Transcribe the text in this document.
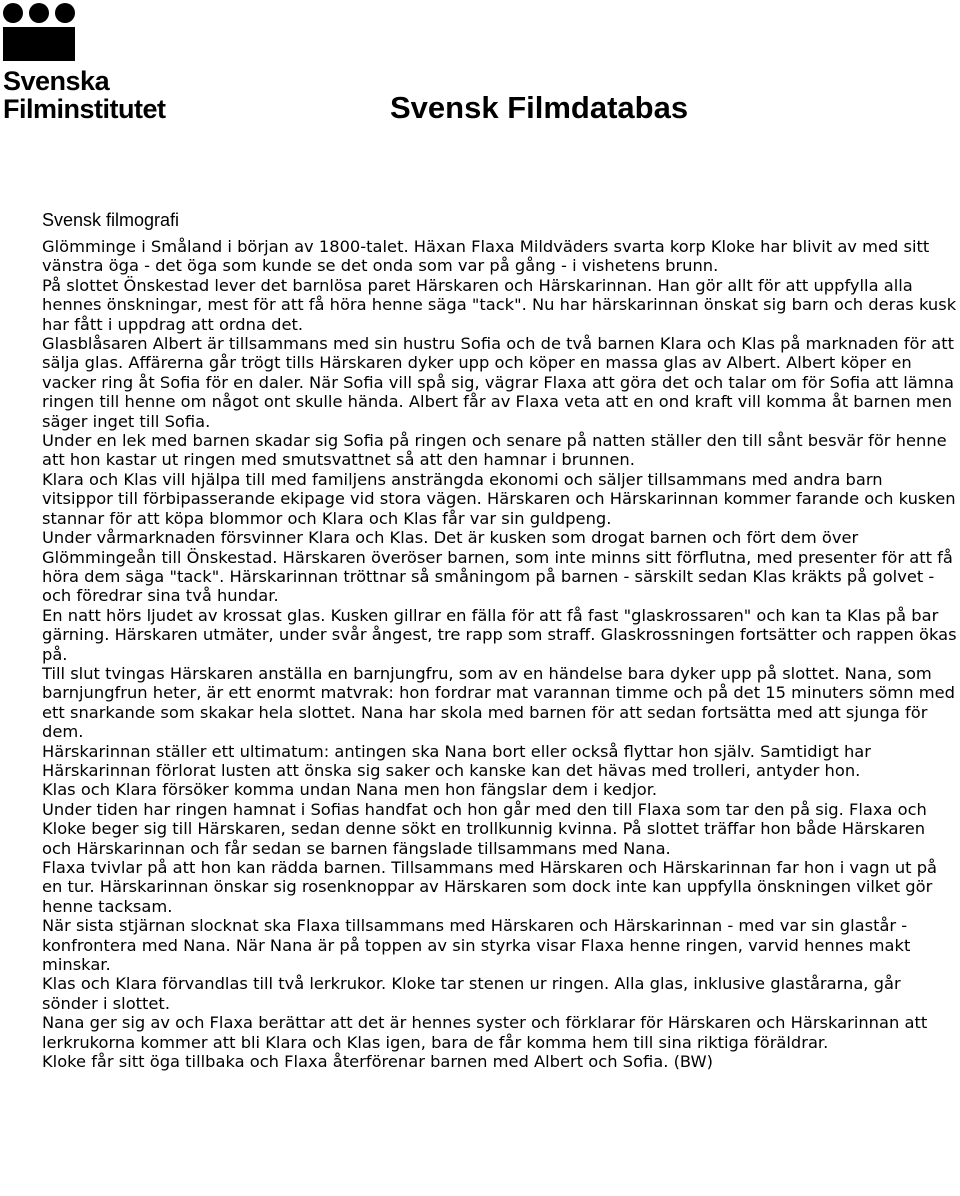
Svenska
Filminstitutet	Svensk Filmdatabas
Svensk filmografi

Glömminge i Småland i början av 1800-talet. Häxan Flaxa Mildväders svarta korp Kloke har blivit av med sitt vänstra öga - det öga som kunde se det onda som var på gång - i vishetens brunn.

På slottet Önskestad lever det barnlösa paret Härskaren och Härskarinnan. Han gör allt för att uppfylla alla hennes önskningar, mest för att få höra henne säga "tack". Nu har härskarinnan önskat sig barn och deras kusk har fått i uppdrag att ordna det.

Glasblåsaren Albert är tillsammans med sin hustru Sofia och de två barnen Klara och Klas på marknaden för att sälja glas. Affärerna går trögt tills Härskaren dyker upp och köper en massa glas av Albert. Albert köper en vacker ring åt Sofia för en daler. När Sofia vill spå sig, vägrar Flaxa att göra det och talar om för Sofia att lämna ringen till henne om något ont skulle hända. Albert får av Flaxa veta att en ond kraft vill komma åt barnen men säger inget till Sofia.

Under en lek med barnen skadar sig Sofia på ringen och senare på natten ställer den till sånt besvär för henne att hon kastar ut ringen med smutsvattnet så att den hamnar i brunnen.

Klara och Klas vill hjälpa till med familjens ansträngda ekonomi och säljer tillsammans med andra barn vitsippor till förbipasserande ekipage vid stora vägen. Härskaren och Härskarinnan kommer farande och kusken stannar för att köpa blommor och Klara och Klas får var sin guldpeng.

Under vårmarknaden försvinner Klara och Klas. Det är kusken som drogat barnen och fört dem över Glömmingeån till Önskestad. Härskaren överöser barnen, som inte minns sitt förflutna, med presenter för att få höra dem säga "tack". Härskarinnan tröttnar så småningom på barnen - särskilt sedan Klas kräkts på golvet - och föredrar sina två hundar.

En natt hörs ljudet av krossat glas. Kusken gillrar en fälla för att få fast "glaskrossaren" och kan ta Klas på bar gärning. Härskaren utmäter, under svår ångest, tre rapp som straff. Glaskrossningen fortsätter och rappen ökas på.

Till slut tvingas Härskaren anställa en barnjungfru, som av en händelse bara dyker upp på slottet. Nana, som barnjungfrun heter, är ett enormt matvrak: hon fordrar mat varannan timme och på det 15 minuters sömn med ett snarkande som skakar hela slottet. Nana har skola med barnen för att sedan fortsätta med att sjunga för dem.

Härskarinnan ställer ett ultimatum: antingen ska Nana bort eller också flyttar hon själv. Samtidigt har Härskarinnan förlorat lusten att önska sig saker och kanske kan det hävas med trolleri, antyder hon.

Klas och Klara försöker komma undan Nana men hon fängslar dem i kedjor.

Under tiden har ringen hamnat i Sofias handfat och hon går med den till Flaxa som tar den på sig. Flaxa och Kloke beger sig till Härskaren, sedan denne sökt en trollkunnig kvinna. På slottet träffar hon både Härskaren och Härskarinnan och får sedan se barnen fängslade tillsammans med Nana.

Flaxa tvivlar på att hon kan rädda barnen. Tillsammans med Härskaren och Härskarinnan far hon i vagn ut på en tur. Härskarinnan önskar sig rosenknoppar av Härskaren som dock inte kan uppfylla önskningen vilket gör henne tacksam.

När sista stjärnan slocknat ska Flaxa tillsammans med Härskaren och Härskarinnan - med var sin glastår - konfrontera med Nana. När Nana är på toppen av sin styrka visar Flaxa henne ringen, varvid hennes makt minskar.

Klas och Klara förvandlas till två lerkrukor. Kloke tar stenen ur ringen. Alla glas, inklusive glastårarna, går sönder i slottet.

Nana ger sig av och Flaxa berättar att det är hennes syster och förklarar för Härskaren och Härskarinnan att lerkrukorna kommer att bli Klara och Klas igen, bara de får komma hem till sina riktiga föräldrar.

Kloke får sitt öga tillbaka och Flaxa återförenar barnen med Albert och Sofia. (BW)
